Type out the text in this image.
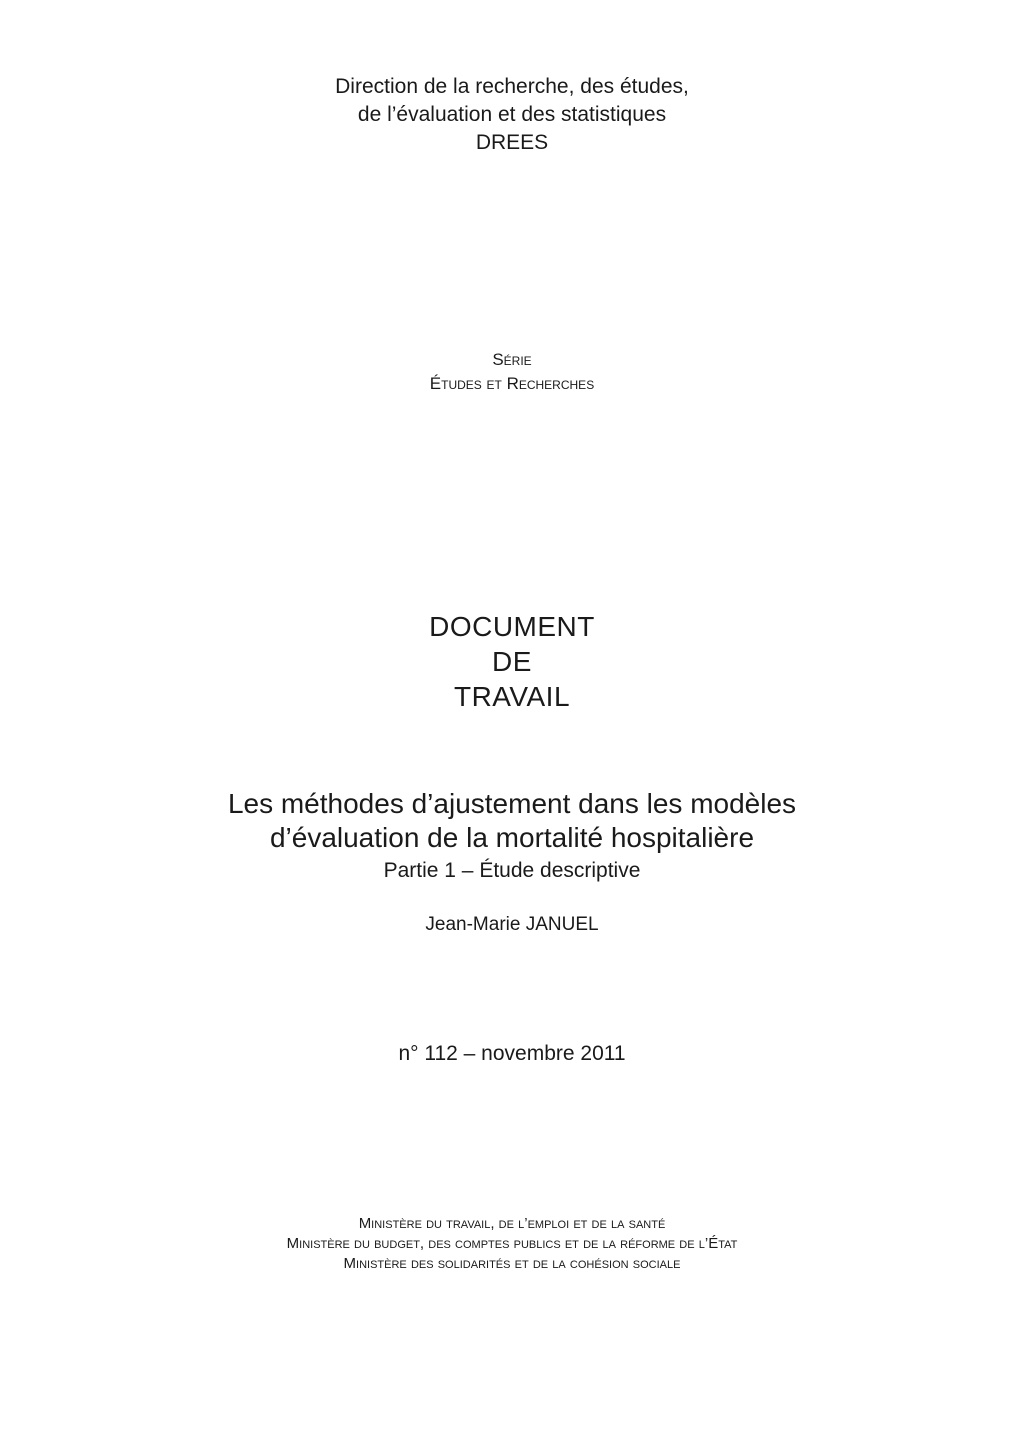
Direction de la recherche, des études,
de l’évaluation et des statistiques
DREES
Série
Études et Recherches
DOCUMENT
DE
TRAVAIL
Les méthodes d’ajustement dans les modèles
d’évaluation de la mortalité hospitalière
Partie 1 – Étude descriptive
Jean-Marie JANUEL
n° 112 – novembre 2011
Ministère du travail, de l’emploi et de la santé
Ministère du budget, des comptes publics et de la réforme de l’État
Ministère des solidarités et de la cohésion sociale
